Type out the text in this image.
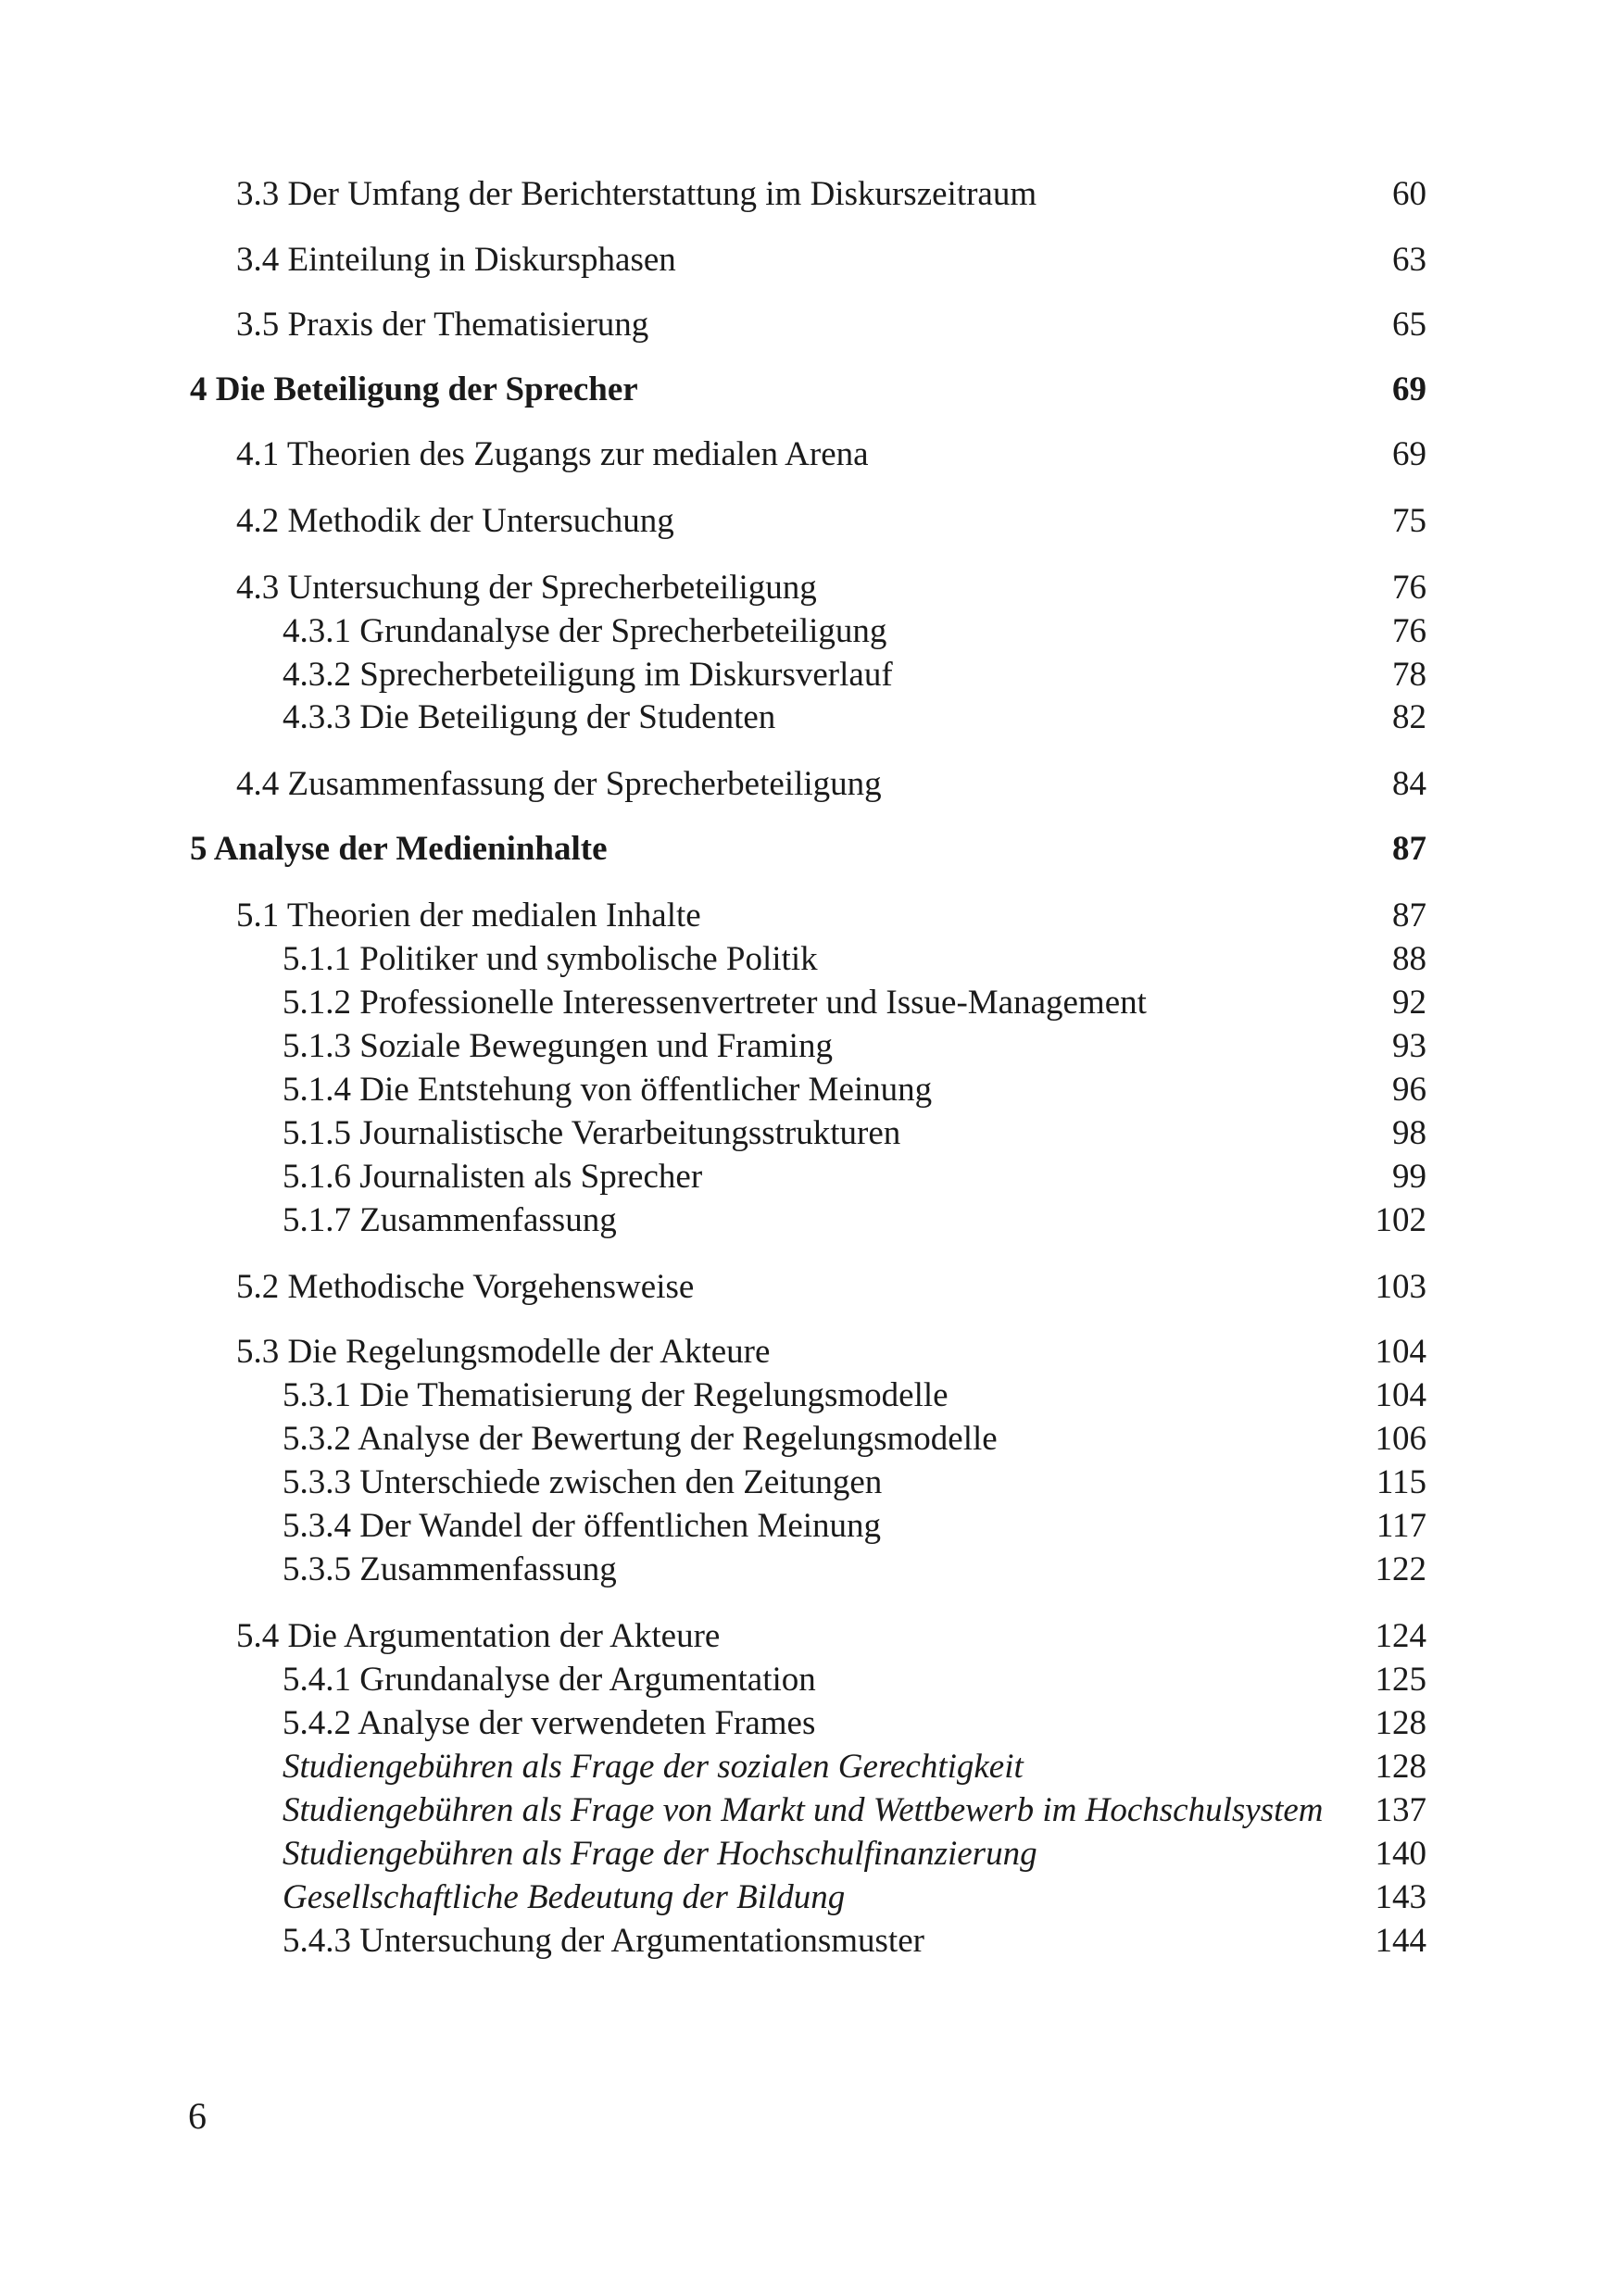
3.3 Der Umfang der Berichterstattung im Diskurszeitraum . . .	60
3.4 Einteilung in Diskursphasen . . .	63
3.5 Praxis der Thematisierung . . .	65
4 Die Beteiligung der Sprecher . . .	69
4.1 Theorien des Zugangs zur medialen Arena . . .	69
4.2 Methodik der Untersuchung . . .	75
4.3 Untersuchung der Sprecherbeteiligung . . .	76
4.3.1 Grundanalyse der Sprecherbeteiligung . . .	76
4.3.2 Sprecherbeteiligung im Diskursverlauf . . .	78
4.3.3 Die Beteiligung der Studenten . . .	82
4.4 Zusammenfassung der Sprecherbeteiligung . . .	84
5 Analyse der Medieninhalte . . .	87
5.1 Theorien der medialen Inhalte . . .	87
5.1.1 Politiker und symbolische Politik . . .	88
5.1.2 Professionelle Interessenvertreter und Issue-Management . . .	92
5.1.3 Soziale Bewegungen und Framing . . .	93
5.1.4 Die Entstehung von öffentlicher Meinung . . .	96
5.1.5 Journalistische Verarbeitungsstrukturen . . .	98
5.1.6 Journalisten als Sprecher . . .	99
5.1.7 Zusammenfassung . . .	102
5.2 Methodische Vorgehensweise . . .	103
5.3 Die Regelungsmodelle der Akteure . . .	104
5.3.1 Die Thematisierung der Regelungsmodelle . . .	104
5.3.2 Analyse der Bewertung der Regelungsmodelle . . .	106
5.3.3 Unterschiede zwischen den Zeitungen . . .	115
5.3.4 Der Wandel der öffentlichen Meinung . . .	117
5.3.5 Zusammenfassung . . .	122
5.4 Die Argumentation der Akteure . . .	124
5.4.1 Grundanalyse der Argumentation . . .	125
5.4.2 Analyse der verwendeten Frames . . .	128
Studiengebühren als Frage der sozialen Gerechtigkeit . . .	128
Studiengebühren als Frage von Markt und Wettbewerb im Hochschulsystem . . . 137
Studiengebühren als Frage der Hochschulfinanzierung . . .	140
Gesellschaftliche Bedeutung der Bildung . . .	143
5.4.3 Untersuchung der Argumentationsmuster . . .	144
6
